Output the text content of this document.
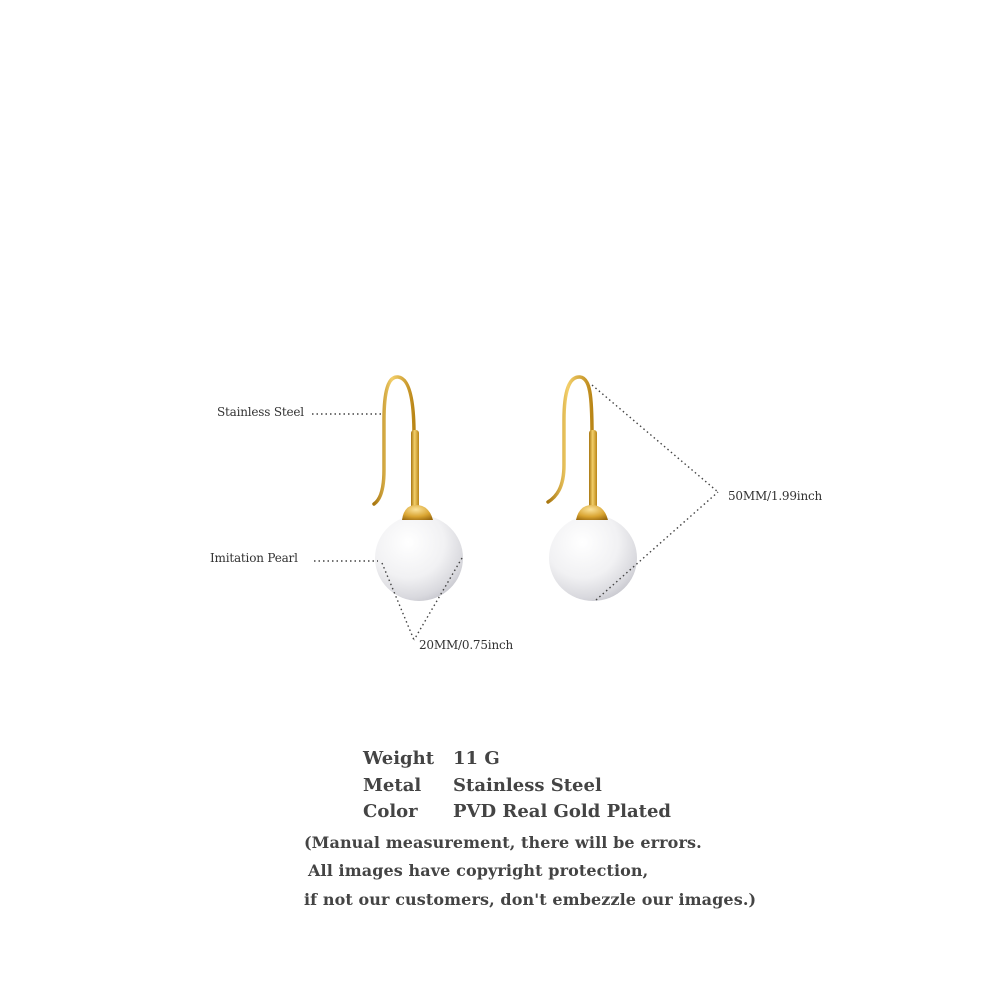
Stainless Steel
Imitation Pearl
20MM/0.75inch
50MM/1.99inch
Weight 11 G
Metal Stainless Steel
Color PVD Real Gold Plated
(Manual measurement, there will be errors.
All images have copyright protection,
if not our customers, don't embezzle our images.)
